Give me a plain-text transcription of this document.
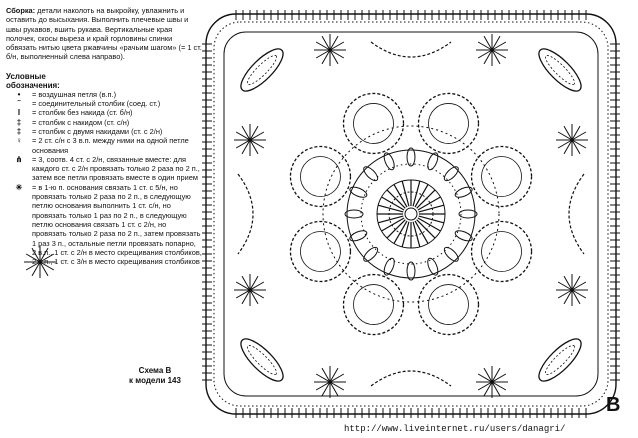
Сборка: детали наколоть на выкройку, увлажнить и оставить до высыхания. Выполнить плечевые швы и швы рукавов, вшить рукава. Вертикальные края полочек, скосы выреза и край горловины спинки обвязать нитью цвета ржавчины «рачьим шагом» (= 1 ст. б/н, выполненный слева направо).

Условные
обозначения:
•	= воздушная петля (в.п.)
˜	= соединительный столбик (соед. ст.)
I	= столбик без накида (ст. б/н)
‡	= столбик с накидом (ст. с/н)
‡	= столбик с двумя накидами (ст. с 2/н)
♀	= 2 ст. с/н с 3 в.п. между ними на одной петле основания
⋔	= 3, соотв. 4 ст. с 2/н, связанные вместе: для каждого ст. с 2/н провязать только 2 раза по 2 п., затем все петли провязать вместе в один прием
✳	= в 1-ю п. основания связать 1 ст. с 5/н, но провязать только 2 раза по 2 п., в следующую петлю основания выполнить 1 ст. с/н, но провязать только 1 раз по 2 п., в следующую петлю основания связать 1 ст. с 2/н, но провязать только 2 раза по 2 п., затем провязать 1 раз 3 п., остальные петли провязать попарно, 2 в.п., 1 ст. с 2/н в место скрещивания столбиков, 2 в.п., 1 ст. с 3/н в место скрещивания столбиков
Схема В
к модели 143
B
http://www.liveinternet.ru/users/danagri/
